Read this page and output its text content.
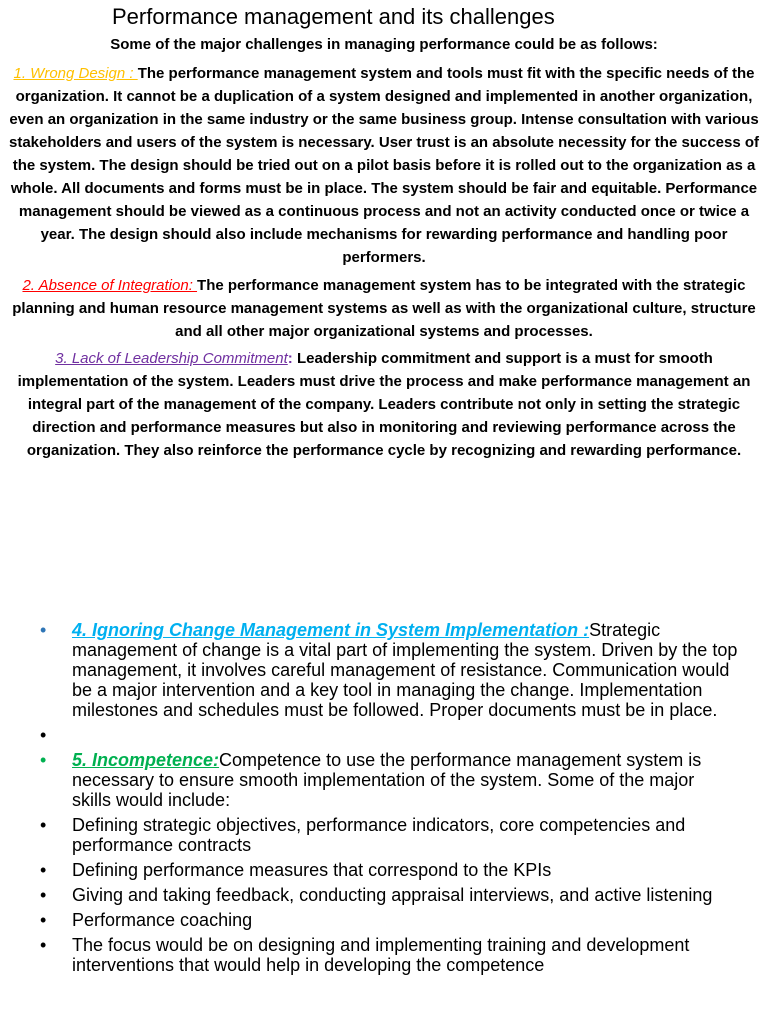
Performance management and its challenges

Some of the major challenges in managing performance could be as follows:

1. Wrong Design : The performance management system and tools must fit with the specific needs of the organization. It cannot be a duplication of a system designed and implemented in another organization, even an organization in the same industry or the same business group. Intense consultation with various stakeholders and users of the system is necessary. User trust is an absolute necessity for the success of the system. The design should be tried out on a pilot basis before it is rolled out to the organization as a whole. All documents and forms must be in place. The system should be fair and equitable. Performance management should be viewed as a continuous process and not an activity conducted once or twice a year. The design should also include mechanisms for rewarding performance and handling poor performers.

2. Absence of Integration: The performance management system has to be integrated with the strategic planning and human resource management systems as well as with the organizational culture, structure and all other major organizational systems and processes.

3. Lack of Leadership Commitment: Leadership commitment and support is a must for smooth implementation of the system. Leaders must drive the process and make performance management an integral part of the management of the company. Leaders contribute not only in setting the strategic direction and performance measures but also in monitoring and reviewing performance across the organization. They also reinforce the performance cycle by recognizing and rewarding performance.

•	4. Ignoring Change Management in System Implementation :Strategic management of change is a vital part of implementing the system. Driven by the top management, it involves careful management of resistance. Communication would be a major intervention and a key tool in managing the change. Implementation milestones and schedules must be followed. Proper documents must be in place.
•
•	5. Incompetence:Competence to use the performance management system is necessary to ensure smooth implementation of the system. Some of the major skills would include:
•	Defining strategic objectives, performance indicators, core competencies and performance contracts
•	Defining performance measures that correspond to the KPIs
•	Giving and taking feedback, conducting appraisal interviews, and active listening
•	Performance coaching
•	The focus would be on designing and implementing training and development interventions that would help in developing the competence
